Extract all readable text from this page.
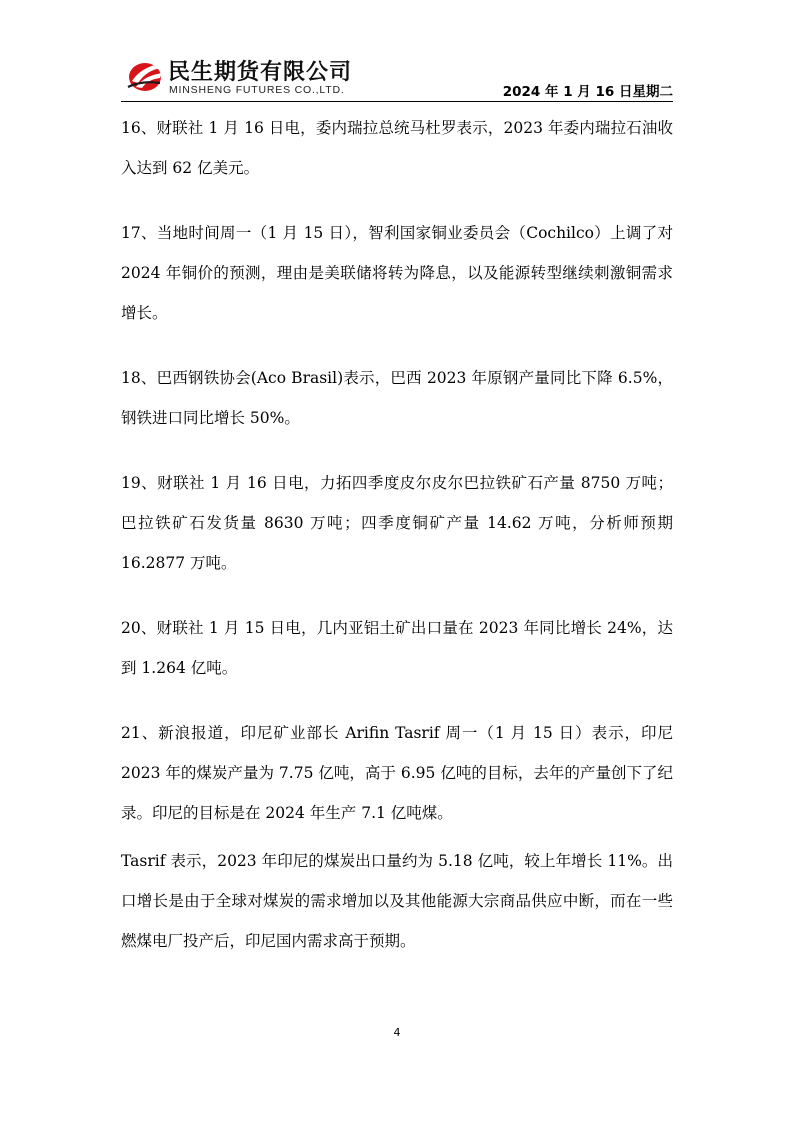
民生期货有限公司
MINSHENG FUTURES CO.,LTD.	2024 年 1 月 16 日星期二

16、财联社 1 月 16 日电，委内瑞拉总统马杜罗表示，2023 年委内瑞拉石油收入达到 62 亿美元。

17、当地时间周一（1 月 15 日），智利国家铜业委员会（Cochilco）上调了对 2024 年铜价的预测，理由是美联储将转为降息，以及能源转型继续刺激铜需求增长。

18、巴西钢铁协会(Aco Brasil)表示，巴西 2023 年原钢产量同比下降 6.5%，钢铁进口同比增长 50%。

19、财联社 1 月 16 日电，力拓四季度皮尔皮尔巴拉铁矿石产量 8750 万吨；巴拉铁矿石发货量 8630 万吨；四季度铜矿产量 14.62 万吨，分析师预期 16.2877 万吨。

20、财联社 1 月 15 日电，几内亚铝土矿出口量在 2023 年同比增长 24%，达到 1.264 亿吨。

21、新浪报道，印尼矿业部长 Arifin Tasrif 周一（1 月 15 日）表示，印尼 2023 年的煤炭产量为 7.75 亿吨，高于 6.95 亿吨的目标，去年的产量创下了纪录。印尼的目标是在 2024 年生产 7.1 亿吨煤。

Tasrif 表示，2023 年印尼的煤炭出口量约为 5.18 亿吨，较上年增长 11%。出口增长是由于全球对煤炭的需求增加以及其他能源大宗商品供应中断，而在一些燃煤电厂投产后，印尼国内需求高于预期。

4
